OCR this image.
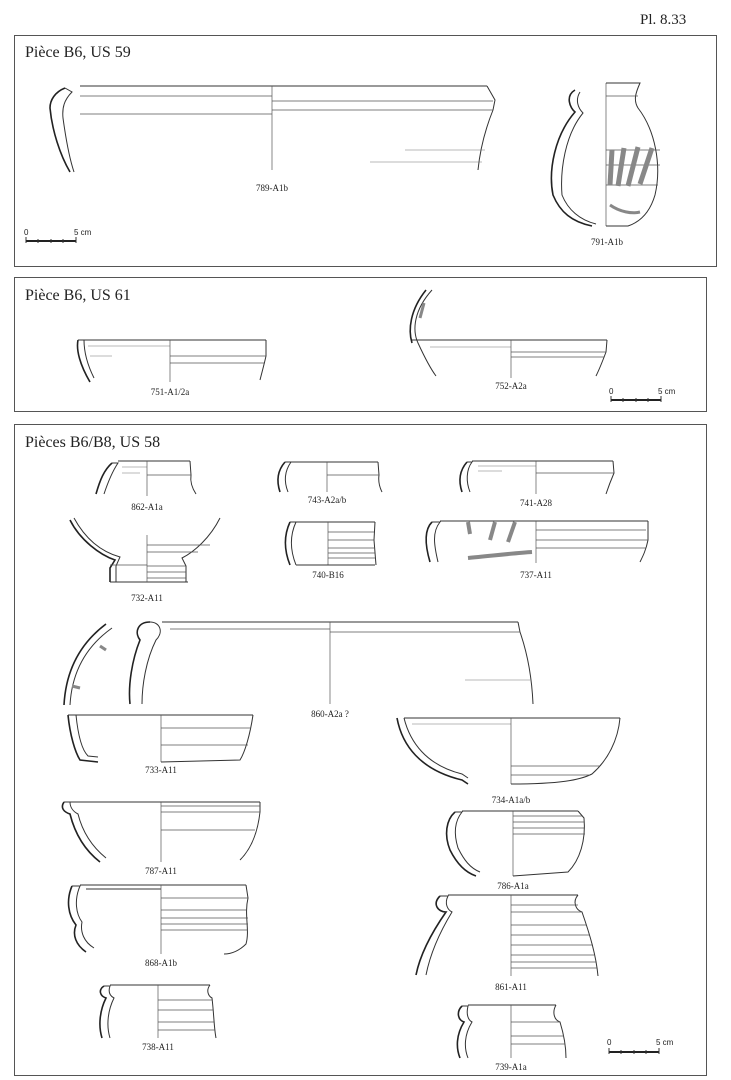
Pl. 8.33
Pièce B6, US 59
789-A1b
791-A1b
0	5 cm
Pièce B6, US 61
751-A1/2a
752-A2a
0	5 cm
Pièces B6/B8, US 58
862-A1a
743-A2a/b	741-A28
732-A11
740-B16	737-A11
860-A2a ?
733-A11
734-A1a/b
787-A11
786-A1a
868-A1b
861-A11
738-A11
739-A1a
0	5 cm
